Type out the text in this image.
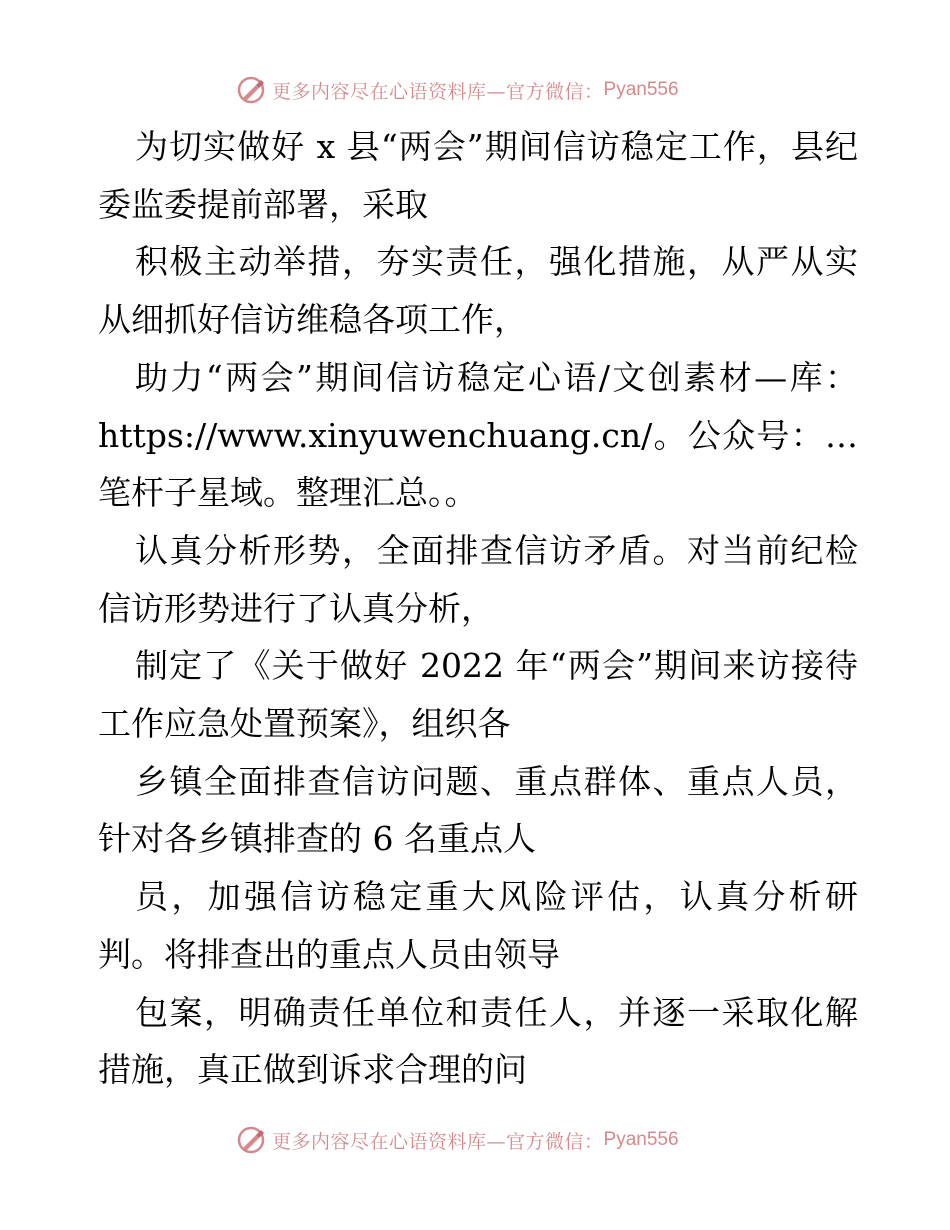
更多内容尽在心语资料库—官方微信： Pyan556

为切实做好 x 县“两会”期间信访稳定工作，县纪委监委提前部署，采取

积极主动举措，夯实责任，强化措施，从严从实从细抓好信访维稳各项工作，

助力“两会”期间信访稳定心语/文创素材—库：https://www.xinyuwenchuang.cn/。公众号：…笔杆子星域。整理汇总。。

认真分析形势，全面排查信访矛盾。对当前纪检信访形势进行了认真分析，

制定了《关于做好 2022 年“两会”期间来访接待工作应急处置预案》，组织各

乡镇全面排查信访问题、重点群体、重点人员，针对各乡镇排查的 6 名重点人

员，加强信访稳定重大风险评估，认真分析研判。将排查出的重点人员由领导

包案，明确责任单位和责任人，并逐一采取化解措施，真正做到诉求合理的问

更多内容尽在心语资料库—官方微信： Pyan556
